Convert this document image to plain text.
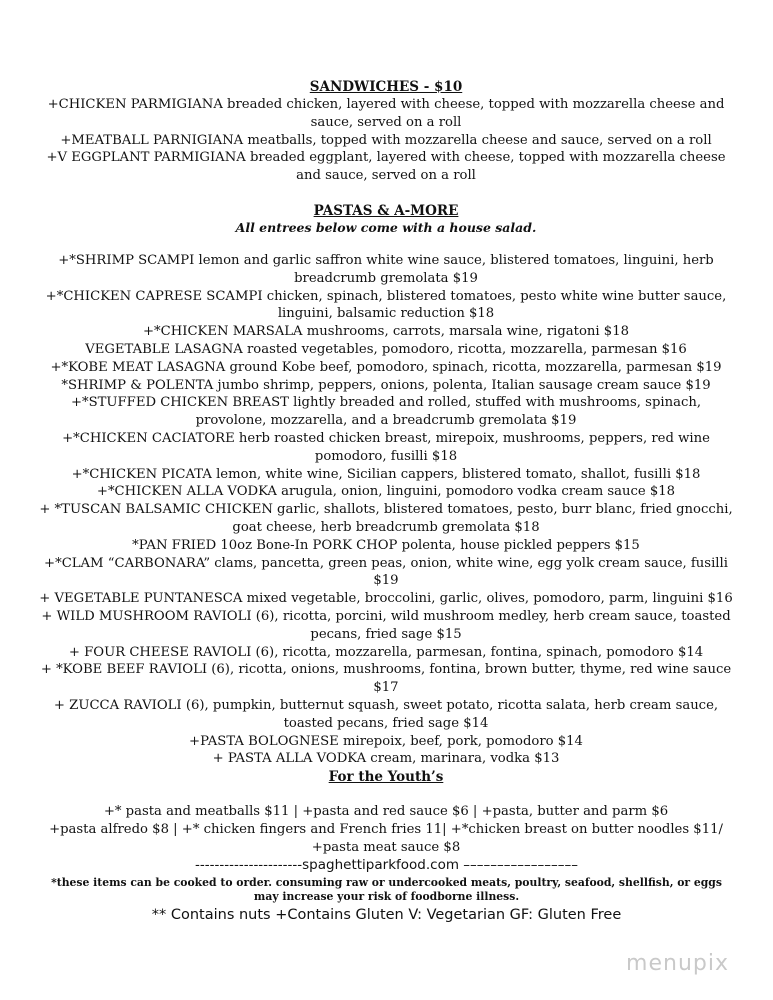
SANDWICHES - $10

+CHICKEN PARMIGIANA breaded chicken, layered with cheese, topped with mozzarella cheese and sauce, served on a roll

+MEATBALL PARNIGIANA meatballs, topped with mozzarella cheese and sauce, served on a roll

+V EGGPLANT PARMIGIANA breaded eggplant, layered with cheese, topped with mozzarella cheese and sauce, served on a roll

PASTAS & A-MORE

All entrees below come with a house salad.

+*SHRIMP SCAMPI lemon and garlic saffron white wine sauce, blistered tomatoes, linguini, herb breadcrumb gremolata $19

+*CHICKEN CAPRESE SCAMPI chicken, spinach, blistered tomatoes, pesto white wine butter sauce, linguini, balsamic reduction $18

+*CHICKEN MARSALA mushrooms, carrots, marsala wine, rigatoni $18

VEGETABLE LASAGNA roasted vegetables, pomodoro, ricotta, mozzarella, parmesan $16

+*KOBE MEAT LASAGNA ground Kobe beef, pomodoro, spinach, ricotta, mozzarella, parmesan $19

*SHRIMP & POLENTA jumbo shrimp, peppers, onions, polenta, Italian sausage cream sauce $19

+*STUFFED CHICKEN BREAST lightly breaded and rolled, stuffed with mushrooms, spinach, provolone, mozzarella, and a breadcrumb gremolata $19

+*CHICKEN CACIATORE herb roasted chicken breast, mirepoix, mushrooms, peppers, red wine pomodoro, fusilli $18

+*CHICKEN PICATA lemon, white wine, Sicilian cappers, blistered tomato, shallot, fusilli $18

+*CHICKEN ALLA VODKA arugula, onion, linguini, pomodoro vodka cream sauce $18

+ *TUSCAN BALSAMIC CHICKEN garlic, shallots, blistered tomatoes, pesto, burr blanc, fried gnocchi, goat cheese, herb breadcrumb gremolata $18

*PAN FRIED 10oz Bone-In PORK CHOP polenta, house pickled peppers $15

+*CLAM “CARBONARA” clams, pancetta, green peas, onion, white wine, egg yolk cream sauce, fusilli $19

+ VEGETABLE PUNTANESCA mixed vegetable, broccolini, garlic, olives, pomodoro, parm, linguini $16

+ WILD MUSHROOM RAVIOLI (6), ricotta, porcini, wild mushroom medley, herb cream sauce, toasted pecans, fried sage $15

+ FOUR CHEESE RAVIOLI (6), ricotta, mozzarella, parmesan, fontina, spinach, pomodoro $14

+ *KOBE BEEF RAVIOLI (6), ricotta, onions, mushrooms, fontina, brown butter, thyme, red wine sauce $17

+ ZUCCA RAVIOLI (6), pumpkin, butternut squash, sweet potato, ricotta salata, herb cream sauce, toasted pecans, fried sage $14

+PASTA BOLOGNESE mirepoix, beef, pork, pomodoro $14

+ PASTA ALLA VODKA cream, marinara, vodka $13

For the Youth’s

+* pasta and meatballs $11 | +pasta and red sauce $6 | +pasta, butter and parm $6

+pasta alfredo $8 | +* chicken fingers and French fries 11| +*chicken breast on butter noodles $11/ +pasta meat sauce $8

----------------------spaghettiparkfood.com –––––––––––––––––
*these items can be cooked to order. consuming raw or undercooked meats, poultry, seafood, shellfish, or eggs may increase your risk of foodborne illness.
** Contains nuts +Contains Gluten V: Vegetarian GF: Gluten Free
menupix
